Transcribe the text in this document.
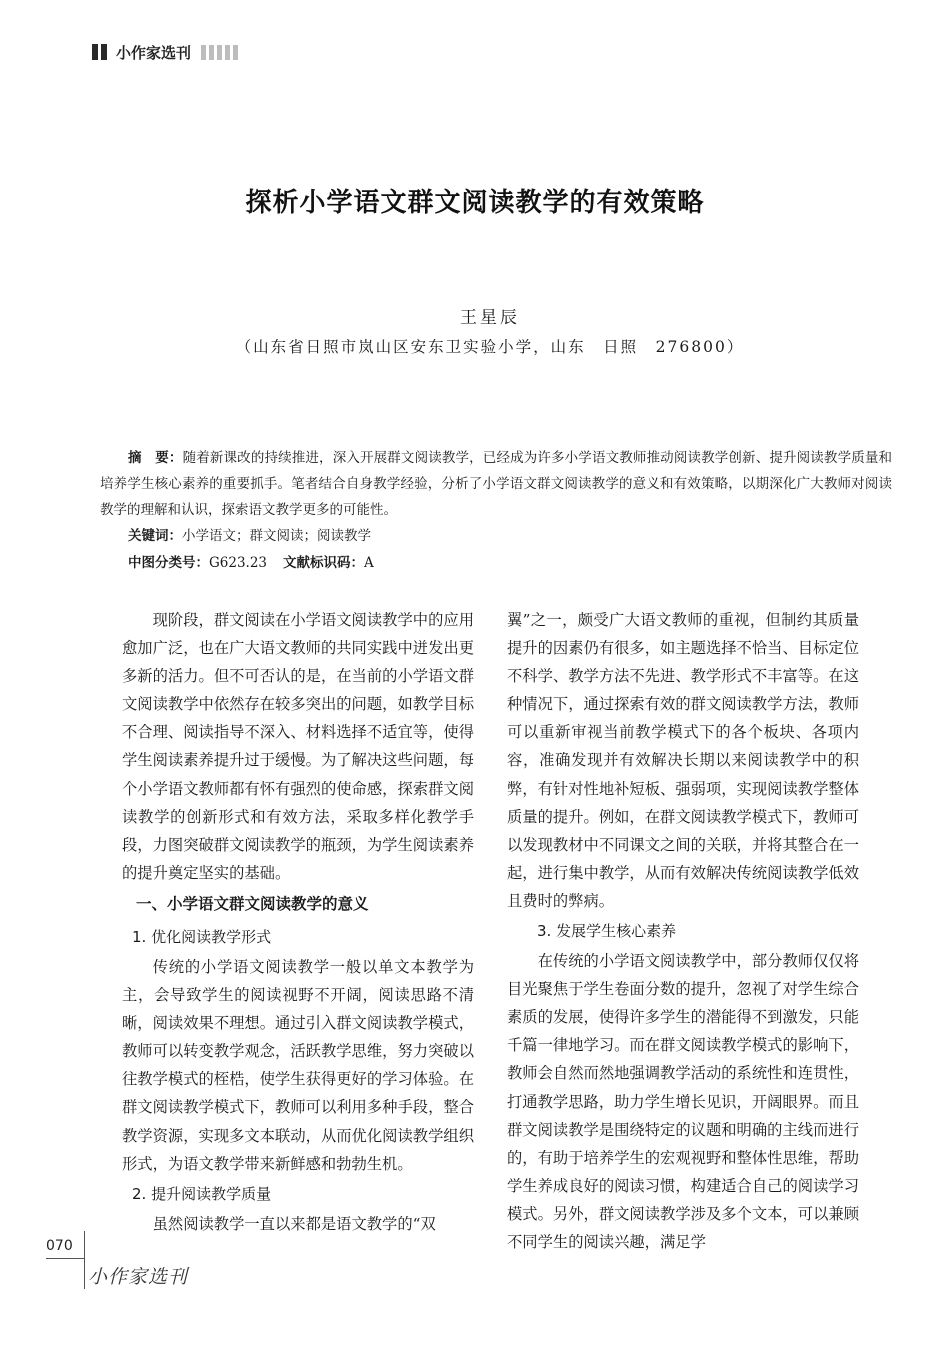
小作家选刊
探析小学语文群文阅读教学的有效策略
王星辰
（山东省日照市岚山区安东卫实验小学，山东　日照　276800）

摘　要：随着新课改的持续推进，深入开展群文阅读教学，已经成为许多小学语文教师推动阅读教学创新、提升阅读教学质量和培养学生核心素养的重要抓手。笔者结合自身教学经验，分析了小学语文群文阅读教学的意义和有效策略，以期深化广大教师对阅读教学的理解和认识，探索语文教学更多的可能性。

关键词：小学语文；群文阅读；阅读教学
中图分类号：G623.23 文献标识码：A

现阶段，群文阅读在小学语文阅读教学中的应用愈加广泛，也在广大语文教师的共同实践中迸发出更多新的活力。但不可否认的是，在当前的小学语文群文阅读教学中依然存在较多突出的问题，如教学目标不合理、阅读指导不深入、材料选择不适宜等，使得学生阅读素养提升过于缓慢。为了解决这些问题，每个小学语文教师都有怀有强烈的使命感，探索群文阅读教学的创新形式和有效方法，采取多样化教学手段，力图突破群文阅读教学的瓶颈，为学生阅读素养的提升奠定坚实的基础。

一、小学语文群文阅读教学的意义

1. 优化阅读教学形式

传统的小学语文阅读教学一般以单文本教学为主，会导致学生的阅读视野不开阔，阅读思路不清晰，阅读效果不理想。通过引入群文阅读教学模式，教师可以转变教学观念，活跃教学思维，努力突破以往教学模式的桎梏，使学生获得更好的学习体验。在群文阅读教学模式下，教师可以利用多种手段，整合教学资源，实现多文本联动，从而优化阅读教学组织形式，为语文教学带来新鲜感和勃勃生机。

2. 提升阅读教学质量

虽然阅读教学一直以来都是语文教学的“双

翼”之一，颇受广大语文教师的重视，但制约其质量提升的因素仍有很多，如主题选择不恰当、目标定位不科学、教学方法不先进、教学形式不丰富等。在这种情况下，通过探索有效的群文阅读教学方法，教师可以重新审视当前教学模式下的各个板块、各项内容，准确发现并有效解决长期以来阅读教学中的积弊，有针对性地补短板、强弱项，实现阅读教学整体质量的提升。例如，在群文阅读教学模式下，教师可以发现教材中不同课文之间的关联，并将其整合在一起，进行集中教学，从而有效解决传统阅读教学低效且费时的弊病。

3. 发展学生核心素养

在传统的小学语文阅读教学中，部分教师仅仅将目光聚焦于学生卷面分数的提升，忽视了对学生综合素质的发展，使得许多学生的潜能得不到激发，只能千篇一律地学习。而在群文阅读教学模式的影响下，教师会自然而然地强调教学活动的系统性和连贯性，打通教学思路，助力学生增长见识，开阔眼界。而且群文阅读教学是围绕特定的议题和明确的主线而进行的，有助于培养学生的宏观视野和整体性思维，帮助学生养成良好的阅读习惯，构建适合自己的阅读学习模式。另外，群文阅读教学涉及多个文本，可以兼顾不同学生的阅读兴趣，满足学

070
小作家选刊
